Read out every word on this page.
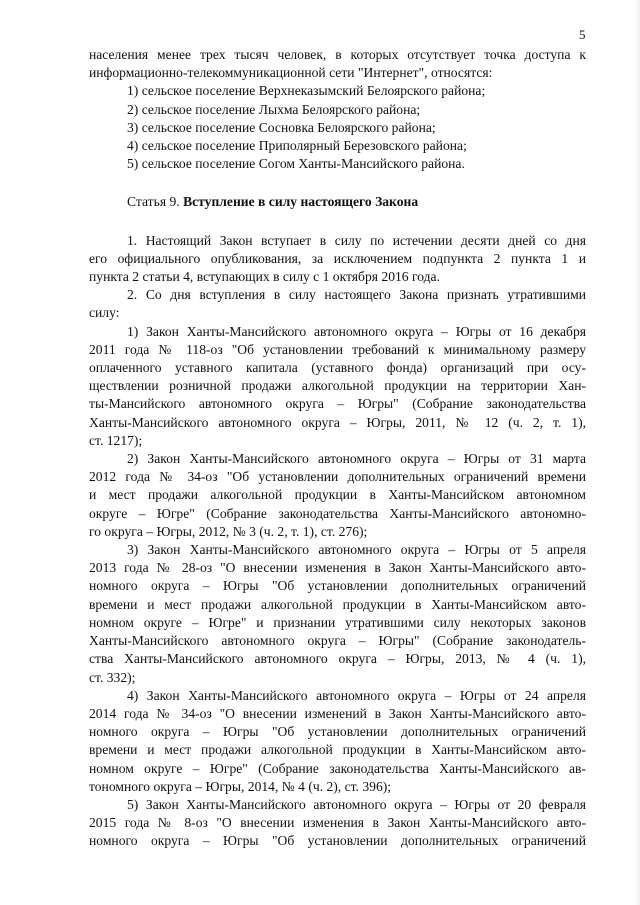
5

населения менее трех тысяч человек, в которых отсутствует точка доступа к

информационно-телекоммуникационной сети "Интернет", относятся:

1) сельское поселение Верхнеказымский Белоярского района;

2) сельское поселение Лыхма Белоярского района;

3) сельское поселение Сосновка Белоярского района;

4) сельское поселение Приполярный Березовского района;

5) сельское поселение Согом Ханты-Мансийского района.

Статья 9. Вступление в силу настоящего Закона

1. Настоящий Закон вступает в силу по истечении десяти дней со дня

его официального опубликования, за исключением подпункта 2 пункта 1 и

пункта 2 статьи 4, вступающих в силу с 1 октября 2016 года.

2. Со дня вступления в силу настоящего Закона признать утратившими

силу:

1) Закон Ханты-Мансийского автономного округа – Югры от 16 декабря

2011 года № 118-оз "Об установлении требований к минимальному размеру

оплаченного уставного капитала (уставного фонда) организаций при осу-

ществлении розничной продажи алкогольной продукции на территории Хан-

ты-Мансийского автономного округа – Югры" (Собрание законодательства

Ханты-Мансийского автономного округа – Югры, 2011, № 12 (ч. 2, т. 1),

ст. 1217);

2) Закон Ханты-Мансийского автономного округа – Югры от 31 марта

2012 года № 34-оз "Об установлении дополнительных ограничений времени

и мест продажи алкогольной продукции в Ханты-Мансийском автономном

округе – Югре" (Собрание законодательства Ханты-Мансийского автономно-

го округа – Югры, 2012, № 3 (ч. 2, т. 1), ст. 276);

3) Закон Ханты-Мансийского автономного округа – Югры от 5 апреля

2013 года № 28-оз "О внесении изменения в Закон Ханты-Мансийского авто-

номного округа – Югры "Об установлении дополнительных ограничений

времени и мест продажи алкогольной продукции в Ханты-Мансийском авто-

номном округе – Югре" и признании утратившими силу некоторых законов

Ханты-Мансийского автономного округа – Югры" (Собрание законодатель-

ства Ханты-Мансийского автономного округа – Югры, 2013, № 4 (ч. 1),

ст. 332);

4) Закон Ханты-Мансийского автономного округа – Югры от 24 апреля

2014 года № 34-оз "О внесении изменений в Закон Ханты-Мансийского авто-

номного округа – Югры "Об установлении дополнительных ограничений

времени и мест продажи алкогольной продукции в Ханты-Мансийском авто-

номном округе – Югре" (Собрание законодательства Ханты-Мансийского ав-

тономного округа – Югры, 2014, № 4 (ч. 2), ст. 396);

5) Закон Ханты-Мансийского автономного округа – Югры от 20 февраля

2015 года № 8-оз "О внесении изменения в Закон Ханты-Мансийского авто-

номного округа – Югры "Об установлении дополнительных ограничений
